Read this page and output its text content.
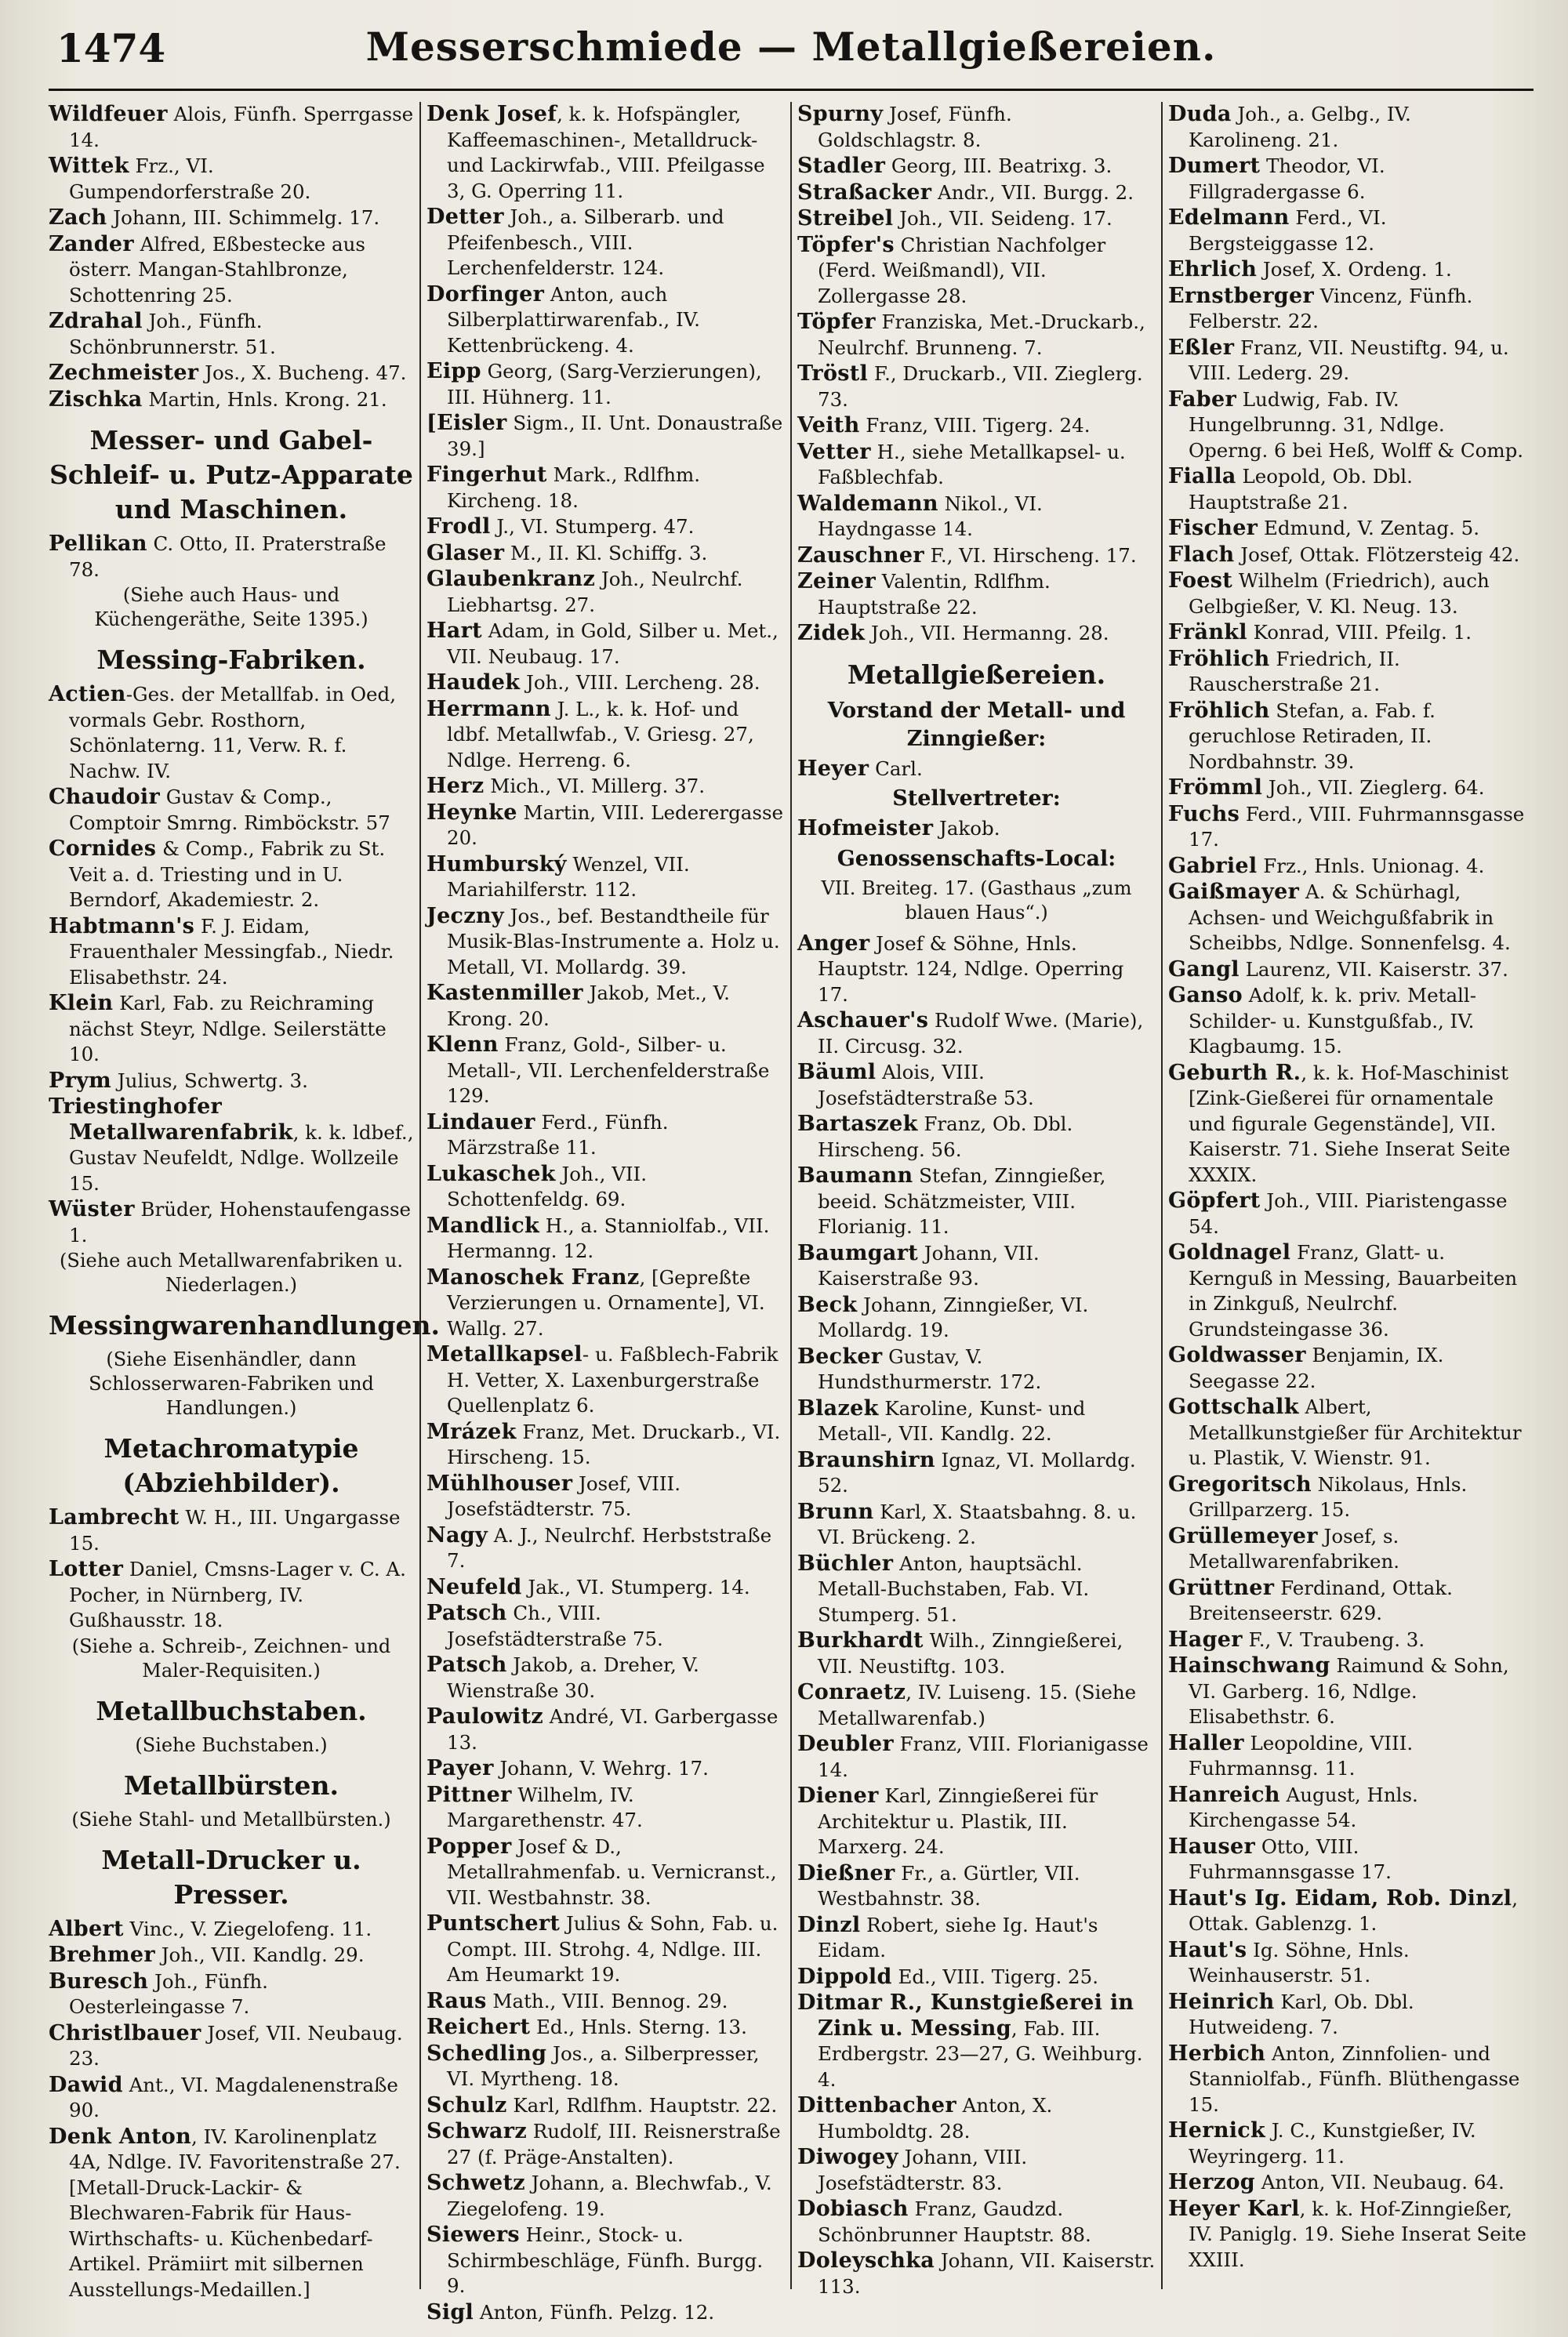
1474	Messerschmiede — Metallgießereien.

Wildfeuer Alois, Fünfh. Sperrgasse 14.

Wittek Frz., VI. Gumpendorferstraße 20.

Zach Johann, III. Schimmelg. 17.

Zander Alfred, Eßbestecke aus österr. Mangan-Stahlbronze, Schottenring 25.

Zdrahal Joh., Fünfh. Schönbrunnerstr. 51.

Zechmeister Jos., X. Bucheng. 47.

Zischka Martin, Hnls. Krong. 21.

Messer- und Gabel-Schleif- u. Putz-Apparate und Maschinen.

Pellikan C. Otto, II. Praterstraße 78.

(Siehe auch Haus- und Küchengeräthe, Seite 1395.)
Messing-Fabriken.

Actien-Ges. der Metallfab. in Oed, vormals Gebr. Rosthorn, Schönlaterng. 11, Verw. R. f. Nachw. IV.

Chaudoir Gustav & Comp., Comptoir Smrng. Rimböckstr. 57

Cornides & Comp., Fabrik zu St. Veit a. d. Triesting und in U. Berndorf, Akademiestr. 2.

Habtmann's F. J. Eidam, Frauenthaler Messingfab., Niedr. Elisabethstr. 24.

Klein Karl, Fab. zu Reichraming nächst Steyr, Ndlge. Seilerstätte 10.

Prym Julius, Schwertg. 3.

Triestinghofer Metallwarenfabrik, k. k. ldbef., Gustav Neufeldt, Ndlge. Wollzeile 15.

Wüster Brüder, Hohenstaufengasse 1.

(Siehe auch Metallwarenfabriken u. Niederlagen.)
Messingwarenhandlungen.
(Siehe Eisenhändler, dann Schlosserwaren-Fabriken und Handlungen.)
Metachromatypie (Abziehbilder).

Lambrecht W. H., III. Ungargasse 15.

Lotter Daniel, Cmsns-Lager v. C. A. Pocher, in Nürnberg, IV. Gußhausstr. 18.

(Siehe a. Schreib-, Zeichnen- und Maler-Requisiten.)
Metallbuchstaben.
(Siehe Buchstaben.)
Metallbürsten.
(Siehe Stahl- und Metallbürsten.)
Metall-Drucker u. Presser.

Albert Vinc., V. Ziegelofeng. 11.

Brehmer Joh., VII. Kandlg. 29.

Buresch Joh., Fünfh. Oesterleingasse 7.

Christlbauer Josef, VII. Neubaug. 23.

Dawid Ant., VI. Magdalenenstraße 90.

Denk Anton, IV. Karolinenplatz 4A, Ndlge. IV. Favoritenstraße 27. [Metall-Druck-Lackir- & Blechwaren-Fabrik für Haus-Wirthschafts- u. Küchenbedarf-Artikel. Prämiirt mit silbernen Ausstellungs-Medaillen.]

Denk Josef, k. k. Hofspängler, Kaffeemaschinen-, Metalldruck- und Lackirwfab., VIII. Pfeilgasse 3, G. Operring 11.

Detter Joh., a. Silberarb. und Pfeifenbesch., VIII. Lerchenfelderstr. 124.

Dorfinger Anton, auch Silberplattirwarenfab., IV. Kettenbrückeng. 4.

Eipp Georg, (Sarg-Verzierungen), III. Hühnerg. 11.

[Eisler Sigm., II. Unt. Donaustraße 39.]

Fingerhut Mark., Rdlfhm. Kircheng. 18.

Frodl J., VI. Stumperg. 47.

Glaser M., II. Kl. Schiffg. 3.

Glaubenkranz Joh., Neulrchf. Liebhartsg. 27.

Hart Adam, in Gold, Silber u. Met., VII. Neubaug. 17.

Haudek Joh., VIII. Lercheng. 28.

Herrmann J. L., k. k. Hof- und ldbf. Metallwfab., V. Griesg. 27, Ndlge. Herreng. 6.

Herz Mich., VI. Millerg. 37.

Heynke Martin, VIII. Lederergasse 20.

Humburský Wenzel, VII. Mariahilferstr. 112.

Jeczny Jos., bef. Bestandtheile für Musik-Blas-Instrumente a. Holz u. Metall, VI. Mollardg. 39.

Kastenmiller Jakob, Met., V. Krong. 20.

Klenn Franz, Gold-, Silber- u. Metall-, VII. Lerchenfelderstraße 129.

Lindauer Ferd., Fünfh. Märzstraße 11.

Lukaschek Joh., VII. Schottenfeldg. 69.

Mandlick H., a. Stanniolfab., VII. Hermanng. 12.

Manoschek Franz, [Gepreßte Verzierungen u. Ornamente], VI. Wallg. 27.

Metallkapsel- u. Faßblech-Fabrik H. Vetter, X. Laxenburgerstraße Quellenplatz 6.

Mrázek Franz, Met. Druckarb., VI. Hirscheng. 15.

Mühlhouser Josef, VIII. Josefstädterstr. 75.

Nagy A. J., Neulrchf. Herbststraße 7.

Neufeld Jak., VI. Stumperg. 14.

Patsch Ch., VIII. Josefstädterstraße 75.

Patsch Jakob, a. Dreher, V. Wienstraße 30.

Paulowitz André, VI. Garbergasse 13.

Payer Johann, V. Wehrg. 17.

Pittner Wilhelm, IV. Margarethenstr. 47.

Popper Josef & D., Metallrahmenfab. u. Vernicranst., VII. Westbahnstr. 38.

Puntschert Julius & Sohn, Fab. u. Compt. III. Strohg. 4, Ndlge. III. Am Heumarkt 19.

Raus Math., VIII. Bennog. 29.

Reichert Ed., Hnls. Sterng. 13.

Schedling Jos., a. Silberpresser, VI. Myrtheng. 18.

Schulz Karl, Rdlfhm. Hauptstr. 22.

Schwarz Rudolf, III. Reisnerstraße 27 (f. Präge-Anstalten).

Schwetz Johann, a. Blechwfab., V. Ziegelofeng. 19.

Siewers Heinr., Stock- u. Schirmbeschläge, Fünfh. Burgg. 9.

Sigl Anton, Fünfh. Pelzg. 12.

Spurny Josef, Fünfh. Goldschlagstr. 8.

Stadler Georg, III. Beatrixg. 3.

Straßacker Andr., VII. Burgg. 2.

Streibel Joh., VII. Seideng. 17.

Töpfer's Christian Nachfolger (Ferd. Weißmandl), VII. Zollergasse 28.

Töpfer Franziska, Met.-Druckarb., Neulrchf. Brunneng. 7.

Tröstl F., Druckarb., VII. Zieglerg. 73.

Veith Franz, VIII. Tigerg. 24.

Vetter H., siehe Metallkapsel- u. Faßblechfab.

Waldemann Nikol., VI. Haydngasse 14.

Zauschner F., VI. Hirscheng. 17.

Zeiner Valentin, Rdlfhm. Hauptstraße 22.

Zidek Joh., VII. Hermanng. 28.

Metallgießereien.
Vorstand der Metall- und Zinngießer:

Heyer Carl.

Stellvertreter:

Hofmeister Jakob.

Genossenschafts-Local:
VII. Breiteg. 17. (Gasthaus „zum blauen Haus“.)

Anger Josef & Söhne, Hnls. Hauptstr. 124, Ndlge. Operring 17.

Aschauer's Rudolf Wwe. (Marie), II. Circusg. 32.

Bäuml Alois, VIII. Josefstädterstraße 53.

Bartaszek Franz, Ob. Dbl. Hirscheng. 56.

Baumann Stefan, Zinngießer, beeid. Schätzmeister, VIII. Florianig. 11.

Baumgart Johann, VII. Kaiserstraße 93.

Beck Johann, Zinngießer, VI. Mollardg. 19.

Becker Gustav, V. Hundsthurmerstr. 172.

Blazek Karoline, Kunst- und Metall-, VII. Kandlg. 22.

Braunshirn Ignaz, VI. Mollardg. 52.

Brunn Karl, X. Staatsbahng. 8. u. VI. Brückeng. 2.

Büchler Anton, hauptsächl. Metall-Buchstaben, Fab. VI. Stumperg. 51.

Burkhardt Wilh., Zinngießerei, VII. Neustiftg. 103.

Conraetz, IV. Luiseng. 15. (Siehe Metallwarenfab.)

Deubler Franz, VIII. Florianigasse 14.

Diener Karl, Zinngießerei für Architektur u. Plastik, III. Marxerg. 24.

Dießner Fr., a. Gürtler, VII. Westbahnstr. 38.

Dinzl Robert, siehe Ig. Haut's Eidam.

Dippold Ed., VIII. Tigerg. 25.

Ditmar R., Kunstgießerei in Zink u. Messing, Fab. III. Erdbergstr. 23—27, G. Weihburg. 4.

Dittenbacher Anton, X. Humboldtg. 28.

Diwogey Johann, VIII. Josefstädterstr. 83.

Dobiasch Franz, Gaudzd. Schönbrunner Hauptstr. 88.

Doleyschka Johann, VII. Kaiserstr. 113.

Duda Joh., a. Gelbg., IV. Karolineng. 21.

Dumert Theodor, VI. Fillgradergasse 6.

Edelmann Ferd., VI. Bergsteiggasse 12.

Ehrlich Josef, X. Ordeng. 1.

Ernstberger Vincenz, Fünfh. Felberstr. 22.

Eßler Franz, VII. Neustiftg. 94, u. VIII. Lederg. 29.

Faber Ludwig, Fab. IV. Hungelbrunng. 31, Ndlge. Operng. 6 bei Heß, Wolff & Comp.

Fialla Leopold, Ob. Dbl. Hauptstraße 21.

Fischer Edmund, V. Zentag. 5.

Flach Josef, Ottak. Flötzersteig 42.

Foest Wilhelm (Friedrich), auch Gelbgießer, V. Kl. Neug. 13.

Fränkl Konrad, VIII. Pfeilg. 1.

Fröhlich Friedrich, II. Rauscherstraße 21.

Fröhlich Stefan, a. Fab. f. geruchlose Retiraden, II. Nordbahnstr. 39.

Frömml Joh., VII. Zieglerg. 64.

Fuchs Ferd., VIII. Fuhrmannsgasse 17.

Gabriel Frz., Hnls. Unionag. 4.

Gaißmayer A. & Schürhagl, Achsen- und Weichgußfabrik in Scheibbs, Ndlge. Sonnenfelsg. 4.

Gangl Laurenz, VII. Kaiserstr. 37.

Ganso Adolf, k. k. priv. Metall-Schilder- u. Kunstgußfab., IV. Klagbaumg. 15.

Geburth R., k. k. Hof-Maschinist [Zink-Gießerei für ornamentale und figurale Gegenstände], VII. Kaiserstr. 71. Siehe Inserat Seite XXXIX.

Göpfert Joh., VIII. Piaristengasse 54.

Goldnagel Franz, Glatt- u. Kernguß in Messing, Bauarbeiten in Zinkguß, Neulrchf. Grundsteingasse 36.

Goldwasser Benjamin, IX. Seegasse 22.

Gottschalk Albert, Metallkunstgießer für Architektur u. Plastik, V. Wienstr. 91.

Gregoritsch Nikolaus, Hnls. Grillparzerg. 15.

Grüllemeyer Josef, s. Metallwarenfabriken.

Grüttner Ferdinand, Ottak. Breitenseerstr. 629.

Hager F., V. Traubeng. 3.

Hainschwang Raimund & Sohn, VI. Garberg. 16, Ndlge. Elisabethstr. 6.

Haller Leopoldine, VIII. Fuhrmannsg. 11.

Hanreich August, Hnls. Kirchengasse 54.

Hauser Otto, VIII. Fuhrmannsgasse 17.

Haut's Ig. Eidam, Rob. Dinzl, Ottak. Gablenzg. 1.

Haut's Ig. Söhne, Hnls. Weinhauserstr. 51.

Heinrich Karl, Ob. Dbl. Hutweideng. 7.

Herbich Anton, Zinnfolien- und Stanniolfab., Fünfh. Blüthengasse 15.

Hernick J. C., Kunstgießer, IV. Weyringerg. 11.

Herzog Anton, VII. Neubaug. 64.

Heyer Karl, k. k. Hof-Zinngießer, IV. Paniglg. 19. Siehe Inserat Seite XXIII.
